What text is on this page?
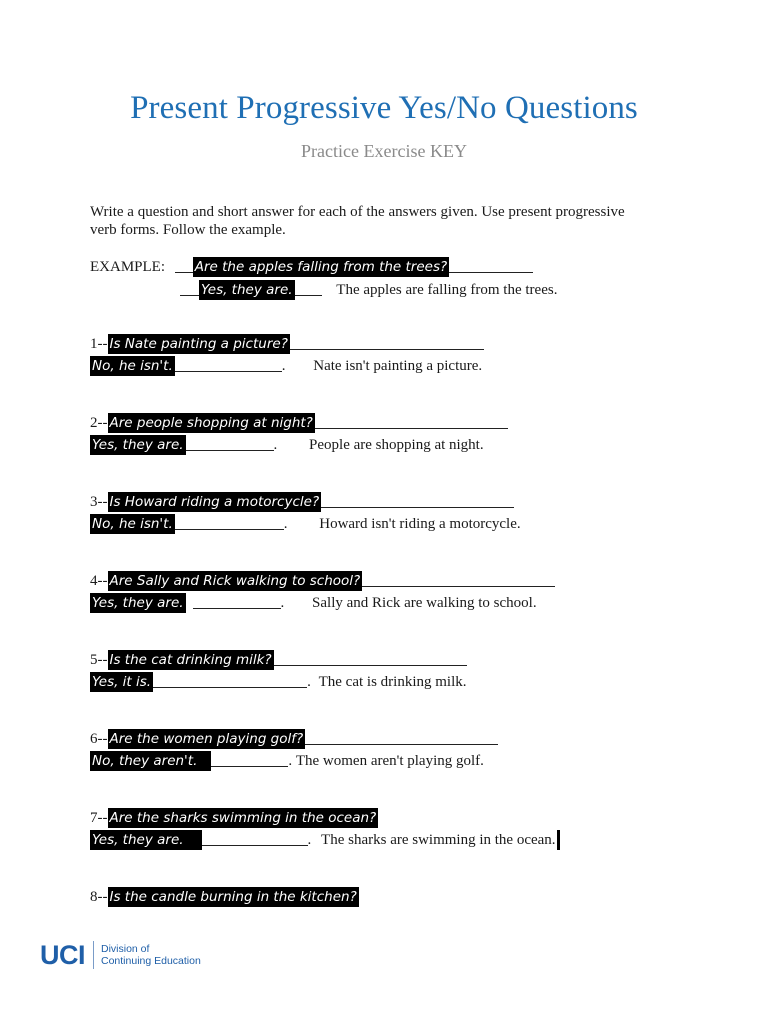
Present Progressive Yes/No Questions
Practice Exercise KEY
Write a question and short answer for each of the answers given. Use present progressive verb forms. Follow the example.
EXAMPLE: Are the apples falling from the trees?
Yes, they are.	The apples are falling from the trees.
1-- Is Nate painting a picture?
No, he isn't.	. Nate isn't painting a picture.
2-- Are people shopping at night?
Yes, they are.	. People are shopping at night.
3-- Is Howard riding a motorcycle?
No, he isn't.	. Howard isn't riding a motorcycle.
4-- Are Sally and Rick walking to school?
Yes, they are.	. Sally and Rick are walking to school.
5-- Is the cat drinking milk?
Yes, it is.	. The cat is drinking milk.
6-- Are the women playing golf?
No, they aren't.	. The women aren't playing golf.
7-- Are the sharks swimming in the ocean?
Yes, they are.	. The sharks are swimming in the ocean.
8-- Is the candle burning in the kitchen?
UCI Division of
Continuing Education
